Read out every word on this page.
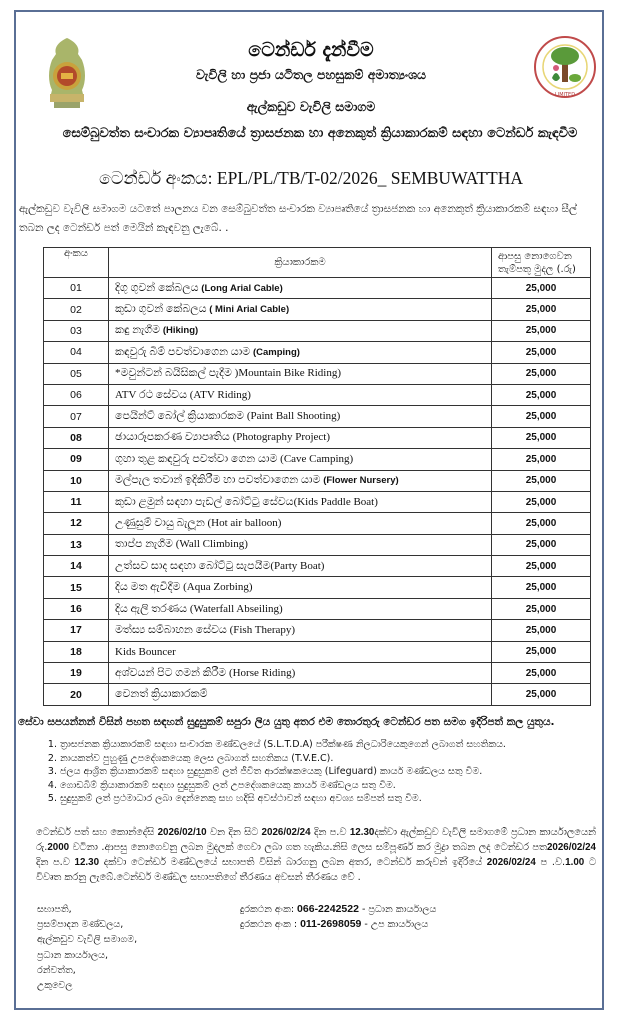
LIMITED
ටෙන්ඩර් දැන්වීම
වැවිලි හා ප්‍රජා යටිතල පහසුකම් අමාත්‍යංශය
ඇල්කඩුව වැවිලි සමාගම
සෙම්බුවත්ත සංචාරක ව්‍යාපෘතියේ ත්‍රාසජනක හා අනෙකුත් ක්‍රියාකාරකම් සඳහා ටෙන්ඩර් කැඳවීම
ටෙන්ඩර් අංකය: EPL/PL/TB/T-02/2026_ SEMBUWATTHA
ඇල්කඩුව වැවිලි සමාගම යටතේ පාලනය වන සෙම්බුවත්ත සංචාරක ව්‍යාපෘතියේ ත්‍රාසජනක හා අනෙකුත් ක්‍රියාකාරකම් සඳහා සීල් තබන ලද ටෙන්ඩර් පත් මෙයින් කැඳවනු ලැබේ. .
අංකය	ක්‍රියාකාරකම	ආපසු නොගෙවන තැම්පතු මුදල (.රු)
01	දිගු ගුවන් කේබලය (Long Arial Cable)	25,000
02	කුඩා ගුවන් කේබලය ( Mini Arial Cable)	25,000
03	කඳු නැගීම (Hiking)	25,000
04	කඳවුරු බිම් පවත්වාගෙන යාම (Camping)	25,000
05	*මවුන්ටන් බයිසිකල් පැදීම )Mountain Bike Riding)	25,000
06	ATV රථ සේවය (ATV Riding)	25,000
07	පෙයින්ට් බෝල් ක්‍රියාකාරකම (Paint Ball Shooting)	25,000
08	ඡායාරූපකරණ ව්‍යාපෘතිය (Photography Project)	25,000
09	ගුහා තුළ කඳවුරු පවත්වා ගෙන යාම (Cave Camping)	25,000
10	මල්පැල තවාන් ඉදිකිරීම හා පවත්වාගෙන යාම (Flower Nursery)	25,000
11	කුඩා ළමුන් සඳහා පැඩල් බෝට්ටු සේවය(Kids Paddle Boat)	25,000
12	උණුසුම් වායු බැලූන (Hot air balloon)	25,000
13	තාප්ප නැගීම (Wall Climbing)	25,000
14	උත්සව සාද සඳහා බෝට්ටු සැපයීම(Party Boat)	25,000
15	දිය මත ඇවිදීම (Aqua Zorbing)	25,000
16	දිය ඇලි තරණය (Waterfall Abseiling)	25,000
17	මත්ස්‍ය සම්බාහන සේවය (Fish Therapy)	25,000
18	Kids Bouncer	25,000
19	අශ්වයන් පිට ගමන් කිරීම (Horse Riding)	25,000
20	වෙනත් ක්‍රියාකාරකම්	25,000
සේවා සපයන්නන් විසින් පහත සඳහන් සුදුසුකම් සපුරා ලිය යුතු අතර එම තොරතුරු ටෙන්ඩර පත සමග ඉදිරිපත් කල යුතුය.
1. ත්‍රාසජනක ක්‍රියාකාරකම් සඳහා සංචාරක මණ්ඩලයේ (S.L.T.D.A) පරීක්ෂණ නිලධාරියෙකුගෙන් ලබාගත් සහතිකය.
2. නායකත්ව පුහුණු උපදේශකයෙකු ලෙස ලබාගත් සහතිකය (T.V.E.C).
3. ජලය ආශ්‍රිත ක්‍රියාකාරකම් සඳහා සුදුසුකම් ලත් ජීවිත ආරක්ෂකයෙකු (Lifeguard) කාර්ය මණ්ඩලය සතු වීම.
4. ගොඩබිම් ක්‍රියාකාරකම් සඳහා සුදුසුකම් ලත් උපදේශකයෙකු කාර්ය මණ්ඩලය සතු වීම.
5. සුදුසුකම් ලත් ප්‍රථමාධාර ලබා දෙන්නෙකු සහ හදිසි අවස්ථාවන් සඳහා අවශ්‍ය සම්පත් සතු වීම.
ටෙන්ඩර් පත් සහ කොන්දේසි 2026/02/10 වන දින සිට 2026/02/24 දින ප.ව 12.30දක්වා ඇල්කඩුව වැවිලි සමාගමේ ප්‍රධාන කාර්යාලයෙන් රු.2000 වටිනා .ආපසු නොගෙවනු ලබන මුදලක් ගෙවා ලබා ගත හැකිය.නිසි ලෙස සම්පූර්ණ කර මුද්‍රා තබන ලද ටෙන්ඩර පත2026/02/24 දින ප.ව 12.30 දක්වා ටෙන්ඩර් මණ්ඩලයේ සභාපති විසින් බාරගනු ලබන අතර, ටෙන්ඩර් කරුවන් ඉදිරියේ 2026/02/24 ප .ව.1.00 ට විවෘත කරනු ලැබේ.ටෙන්ඩර් මණ්ඩල සභාපතිගේ තීරණය අවසන් තීරණය වේ .
සභාපති,
ප්‍රසම්පාදන මණ්ඩලය,
ඇල්කඩුව වැවිලි සමාගම,
ප්‍රධාන කාර්යාලය,
රන්වත්ත,
උකුවෙල
දුරකථන අංක: 066-2242522 - ප්‍රධාන කාර්යාලය
දුරකථන අංක : 011-2698059 - උප කාර්යාලය
